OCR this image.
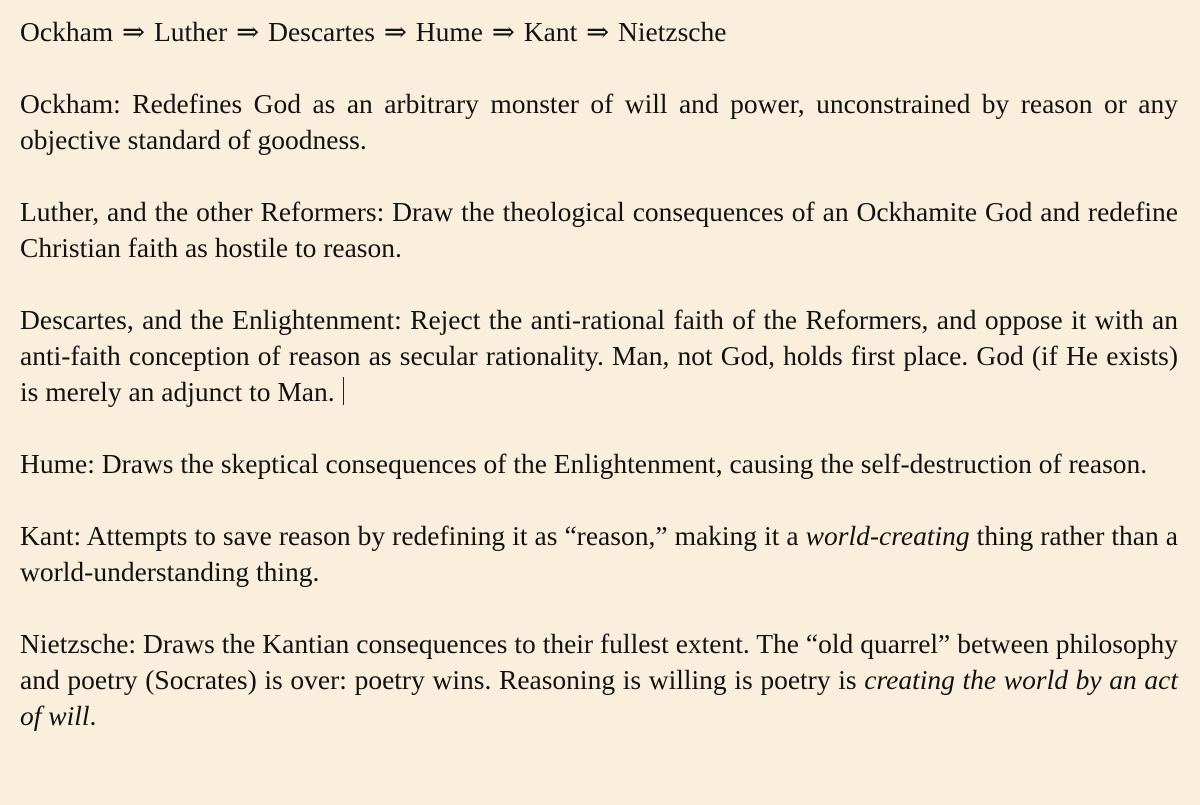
Ockham ⇒ Luther ⇒ Descartes ⇒ Hume ⇒ Kant ⇒ Nietzsche

Ockham: Redefines God as an arbitrary monster of will and power, unconstrained by reason or any objective standard of goodness.

Luther, and the other Reformers: Draw the theological consequences of an Ockhamite God and redefine Christian faith as hostile to reason.

Descartes, and the Enlightenment: Reject the anti-rational faith of the Reformers, and oppose it with an anti-faith conception of reason as secular rationality. Man, not God, holds first place. God (if He exists) is merely an adjunct to Man.

Hume: Draws the skeptical consequences of the Enlightenment, causing the self-destruction of reason.

Kant: Attempts to save reason by redefining it as “reason,” making it a world-creating thing rather than a world-understanding thing.

Nietzsche: Draws the Kantian consequences to their fullest extent. The “old quarrel” between philosophy and poetry (Socrates) is over: poetry wins. Reasoning is willing is poetry is creating the world by an act of will.
